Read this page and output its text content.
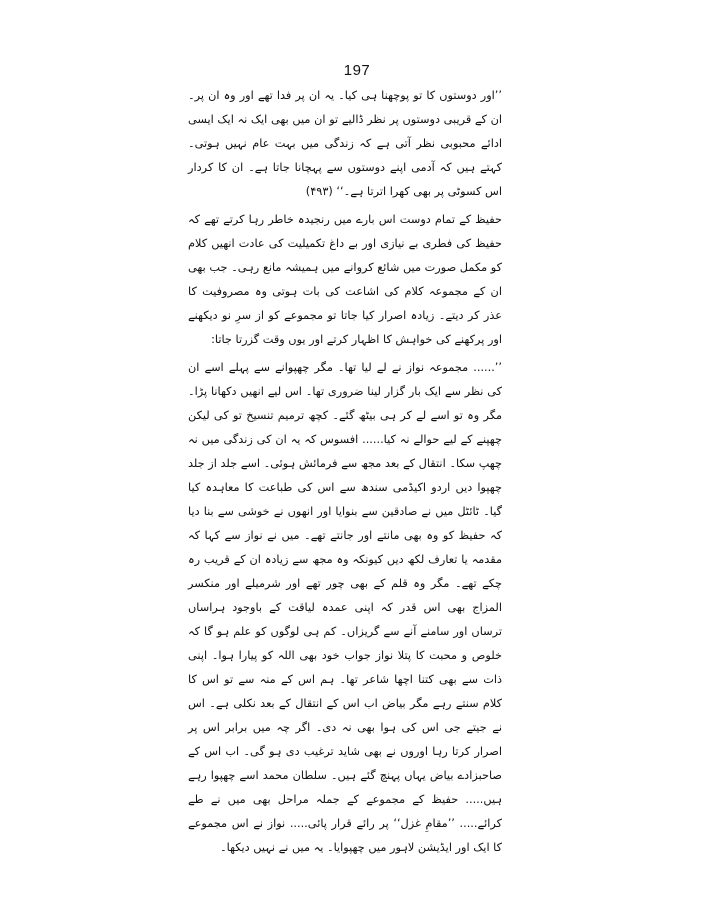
197

’’اور دوستوں کا تو پوچھنا ہی کیا۔ یہ ان پر فدا تھے اور وہ ان پر۔ ان کے قریبی دوستوں پر نظر ڈالیے تو ان میں بھی ایک نہ ایک ایسی ادائے محبوبی نظر آتی ہے کہ زندگی میں بہت عام نہیں ہوتی۔ کہتے ہیں کہ آدمی اپنے دوستوں سے پہچانا جاتا ہے۔ ان کا کردار اس کسوٹی پر بھی کھرا اترتا ہے۔‘‘ (۴۹۳)

حفیظ کے تمام دوست اس بارے میں رنجیدہ خاطر رہا کرتے تھے کہ حفیظ کی فطری بے نیازی اور بے داغ تکمیلیت کی عادت انھیں کلام کو مکمل صورت میں شائع کروانے میں ہمیشہ مانع رہی۔ جب بھی ان کے مجموعہ کلام کی اشاعت کی بات ہوتی وہ مصروفیت کا عذر کر دیتے۔ زیادہ اصرار کیا جاتا تو مجموعے کو از سرِ نو دیکھنے اور پرکھنے کی خواہش کا اظہار کرتے اور یوں وقت گزرتا جاتا:

’’...... مجموعہ نواز نے لے لیا تھا۔ مگر چھپوانے سے پہلے اسے ان کی نظر سے ایک بار گزار لینا ضروری تھا۔ اس لیے انھیں دکھانا پڑا۔ مگر وہ تو اسے لے کر ہی بیٹھ گئے۔ کچھ ترمیم تنسیخ تو کی لیکن چھپنے کے لیے حوالے نہ کیا...... افسوس کہ یہ ان کی زندگی میں نہ چھپ سکا۔ انتقال کے بعد مجھ سے فرمائش ہوئی۔ اسے جلد از جلد چھپوا دیں اردو اکیڈمی سندھ سے اس کی طباعت کا معاہدہ کیا گیا۔ ٹائٹل میں نے صادقین سے بنوایا اور انھوں نے خوشی سے بنا دیا کہ حفیظ کو وہ بھی مانتے اور جانتے تھے۔ میں نے نواز سے کہا کہ مقدمہ یا تعارف لکھ دیں کیونکہ وہ مجھ سے زیادہ ان کے قریب رہ چکے تھے۔ مگر وہ قلم کے بھی چور تھے اور شرمیلے اور منکسر المزاج بھی اس قدر کہ اپنی عمدہ لیاقت کے باوجود ہراساں ترساں اور سامنے آنے سے گریزاں۔ کم ہی لوگوں کو علم ہو گا کہ خلوص و محبت کا پتلا نواز جواب خود بھی اللہ کو پیارا ہوا۔ اپنی ذات سے بھی کتنا اچھا شاعر تھا۔ ہم اس کے منہ سے تو اس کا کلام سنتے رہے مگر بیاض اب اس کے انتقال کے بعد نکلی ہے۔ اس نے جیتے جی اس کی ہوا بھی نہ دی۔ اگر چہ میں برابر اس پر اصرار کرتا رہا اوروں نے بھی شاید ترغیب دی ہو گی۔ اب اس کے صاحبزادے بیاض یہاں پہنچ گئے ہیں۔ سلطان محمد اسے چھپوا رہے ہیں..... حفیظ کے مجموعے کے جملہ مراحل بھی میں نے طے کرائے..... ’’مقامِ غزل‘‘ پر رائے قرار پائی..... نواز نے اس مجموعے کا ایک اور ایڈیشن لاہور میں چھپوایا۔ یہ میں نے نہیں دیکھا۔
